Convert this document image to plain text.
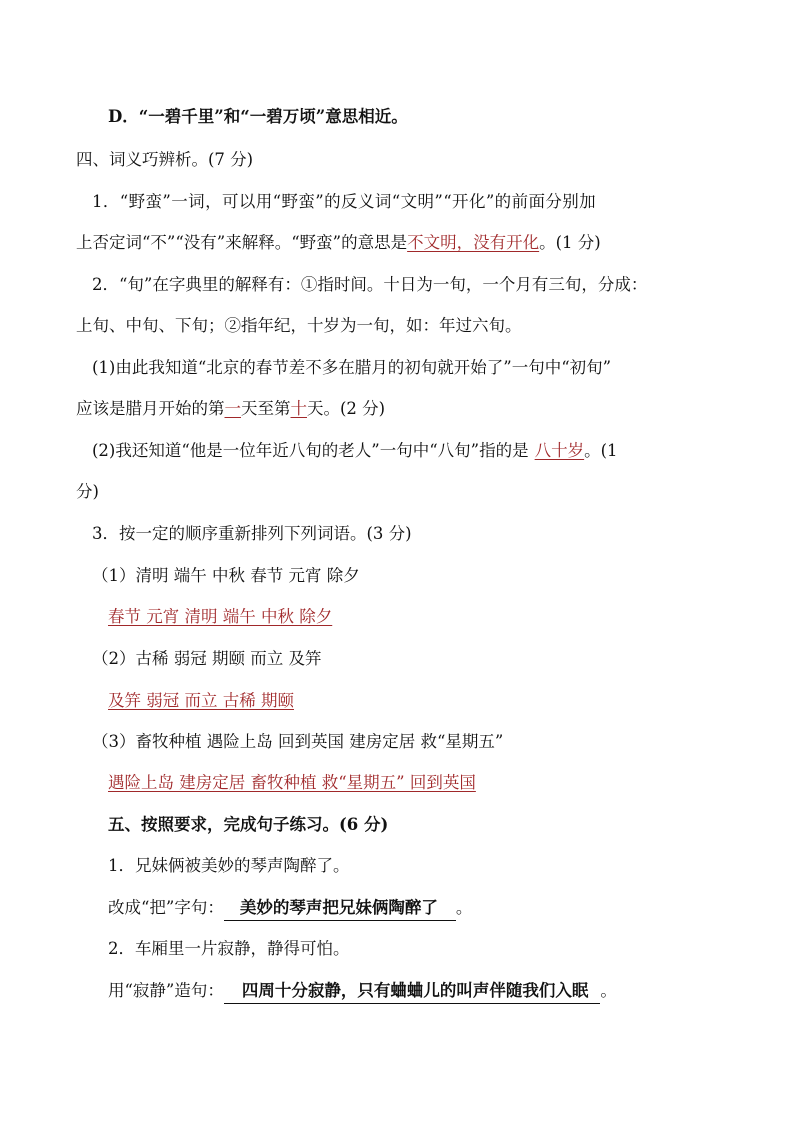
D．“一碧千里”和“一碧万顷”意思相近。
四、词义巧辨析。(7 分)
1．“野蛮”一词，可以用“野蛮”的反义词“文明”“开化”的前面分别加
上否定词“不”“没有”来解释。“野蛮”的意思是不文明，没有开化。(1 分)
2．“旬”在字典里的解释有：①指时间。十日为一旬，一个月有三旬，分成：
上旬、中旬、下旬；②指年纪，十岁为一旬，如：年过六旬。
(1)由此我知道“北京的春节差不多在腊月的初旬就开始了”一句中“初旬”
应该是腊月开始的第一天至第十天。(2 分)
(2)我还知道“他是一位年近八旬的老人”一句中“八旬”指的是 八十岁。(1
分)
3．按一定的顺序重新排列下列词语。(3 分)
（1）清明 端午 中秋 春节 元宵 除夕
春节 元宵 清明 端午 中秋 除夕
（2）古稀 弱冠 期颐 而立 及笄
及笄 弱冠 而立 古稀 期颐
（3）畜牧种植 遇险上岛 回到英国 建房定居 救“星期五”
遇险上岛 建房定居 畜牧种植 救“星期五” 回到英国
五、按照要求，完成句子练习。(6 分)
1．兄妹俩被美妙的琴声陶醉了。
改成“把”字句： 美妙的琴声把兄妹俩陶醉了 。
2．车厢里一片寂静，静得可怕。
用“寂静”造句： 四周十分寂静，只有蛐蛐儿的叫声伴随我们入眠 。
